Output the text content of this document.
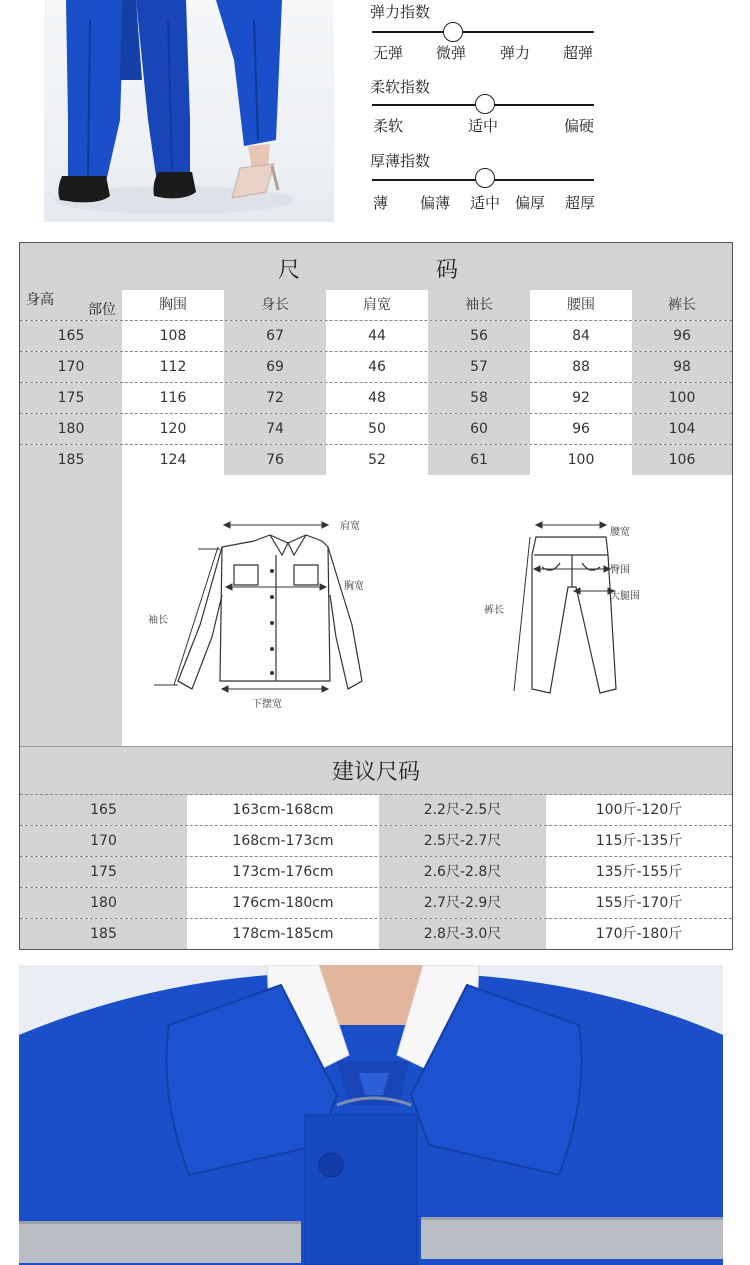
弹力指数
无弹 微弹 弹力 超弹
柔软指数
柔软	适中	偏硬
厚薄指数
薄 偏薄 适中 偏厚 超厚
尺	码
身高
部位	胸围	身长	肩宽	袖长	腰围	裤长
165	108	67	44	56	84	96
170	112	69	46	57	88	98
175	116	72	48	58	92	100
180	120	74	50	60	96	104
185	124	76	52	61	100	106
肩宽
胸宽
袖长
下摆宽
腰宽
臀围
大腿围
裤长
建议尺码
165	163cm-168cm	2.2尺-2.5尺	100斤-120斤
170	168cm-173cm	2.5尺-2.7尺	115斤-135斤
175	173cm-176cm	2.6尺-2.8尺	135斤-155斤
180	176cm-180cm	2.7尺-2.9尺	155斤-170斤
185	178cm-185cm	2.8尺-3.0尺	170斤-180斤
